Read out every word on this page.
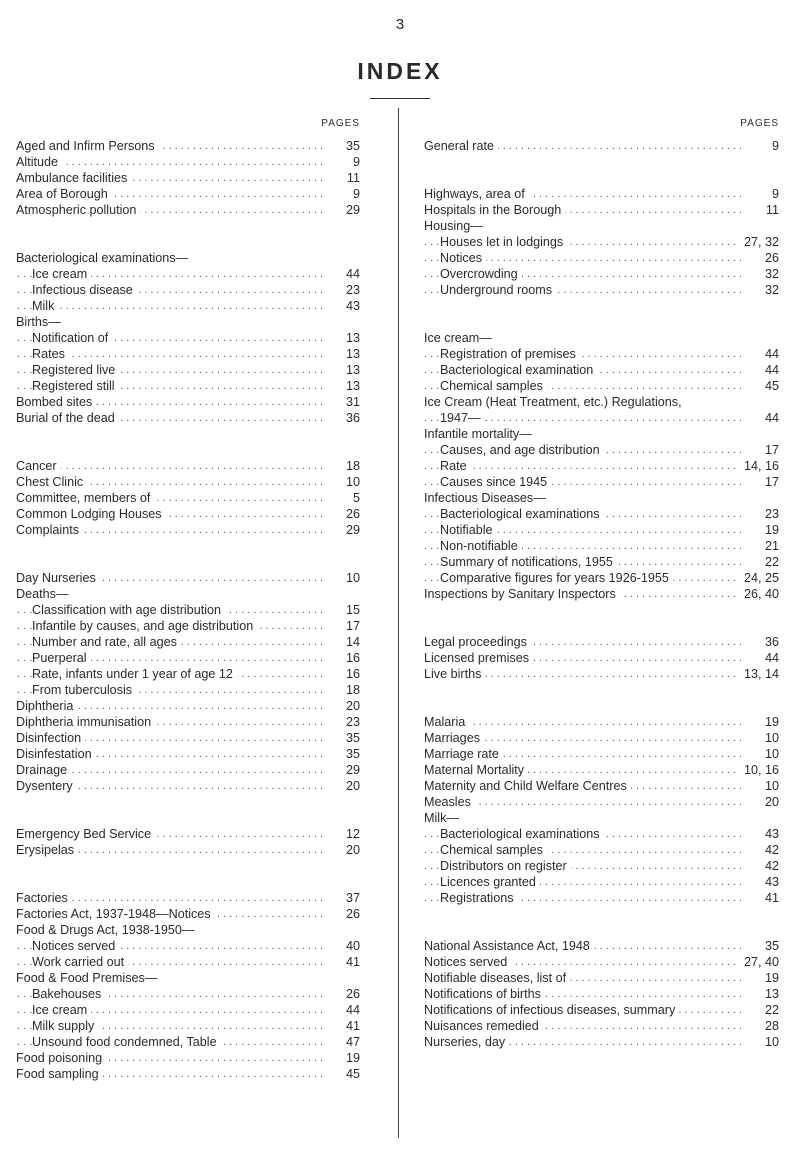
3
INDEX
PAGES
Aged and Infirm Persons .....	35
Altitude .....	9
Ambulance facilities .....	11
Area of Borough .....	9
Atmospheric pollution .....	29
Bacteriological examinations—
Ice cream .....	44
Infectious disease .....	23
Milk .....	43
Births—
Notification of .....	13
Rates .....	13
Registered live .....	13
Registered still .....	13
Bombed sites .....	31
Burial of the dead .....	36
Cancer .....	18
Chest Clinic .....	10
Committee, members of .....	5
Common Lodging Houses .....	26
Complaints .....	29
Day Nurseries .....	10
Deaths—
Classification with age distribution .....	15
Infantile by causes, and age distribution .....	17
Number and rate, all ages .....	14
Puerperal .....	16
Rate, infants under 1 year of age 12 .....	16
From tuberculosis .....	18
Diphtheria .....	20
Diphtheria immunisation .....	23
Disinfection .....	35
Disinfestation .....	35
Drainage .....	29
Dysentery .....	20
Emergency Bed Service .....	12
Erysipelas .....	20
Factories .....	37
Factories Act, 1937-1948—Notices .....	26
Food & Drugs Act, 1938-1950—
Notices served .....	40
Work carried out .....	41
Food & Food Premises—
Bakehouses .....	26
Ice cream .....	44
Milk supply .....	41
Unsound food condemned, Table .....	47
Food poisoning .....	19
Food sampling .....	45
PAGES
General rate .....	9
Highways, area of .....	9
Hospitals in the Borough .....	11
Housing—
Houses let in lodgings .....	27, 32
Notices .....	26
Overcrowding .....	32
Underground rooms .....	32
Ice cream—
Registration of premises .....	44
Bacteriological examination .....	44
Chemical samples .....	45
Ice Cream (Heat Treatment, etc.) Regulations,
1947— .....	44
Infantile mortality—
Causes, and age distribution .....	17
Rate .....	14, 16
Causes since 1945 .....	17
Infectious Diseases—
Bacteriological examinations .....	23
Notifiable .....	19
Non-notifiable .....	21
Summary of notifications, 1955 .....	22
Comparative figures for years 1926-1955 .....	24, 25
Inspections by Sanitary Inspectors .....	26, 40
Legal proceedings .....	36
Licensed premises .....	44
Live births .....	13, 14
Malaria .....	19
Marriages .....	10
Marriage rate .....	10
Maternal Mortality .....	10, 16
Maternity and Child Welfare Centres .....	10
Measles .....	20
Milk—
Bacteriological examinations .....	43
Chemical samples .....	42
Distributors on register .....	42
Licences granted .....	43
Registrations .....	41
National Assistance Act, 1948 .....	35
Notices served .....	27, 40
Notifiable diseases, list of .....	19
Notifications of births .....	13
Notifications of infectious diseases, summary .....	22
Nuisances remedied .....	28
Nurseries, day .....	10
